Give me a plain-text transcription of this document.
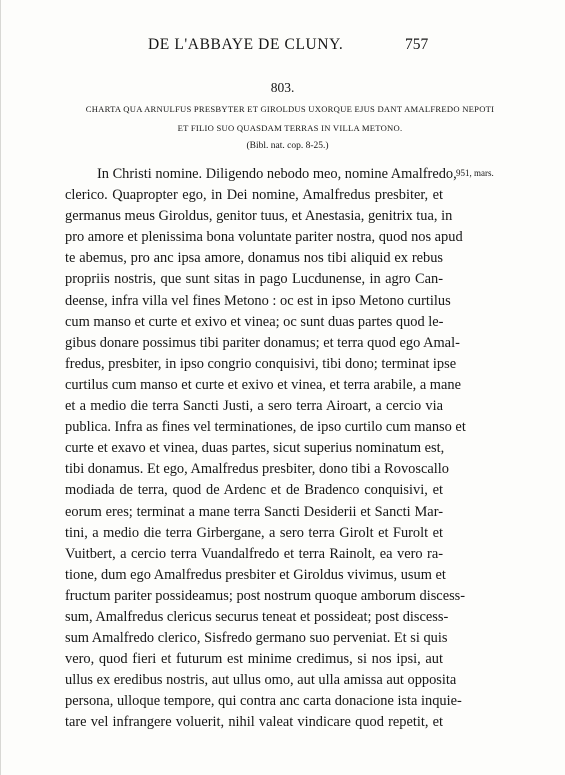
DE L'ABBAYE DE CLUNY.	757
803.
CHARTA QUA ARNULFUS PRESBYTER ET GIROLDUS UXORQUE EJUS DANT AMALFREDO NEPOTI
ET FILIO SUO QUASDAM TERRAS IN VILLA METONO.
(Bibl. nat. cop. 8-25.)
951, mars.
In Christi nomine. Diligendo nebodo meo, nomine Amalfredo,
clerico. Quapropter ego, in Dei nomine, Amalfredus presbiter, et
germanus meus Giroldus, genitor tuus, et Anestasia, genitrix tua, in
pro amore et plenissima bona voluntate pariter nostra, quod nos apud
te abemus, pro anc ipsa amore, donamus nos tibi aliquid ex rebus
propriis nostris, que sunt sitas in pago Lucdunense, in agro Can-
deense, infra villa vel fines Metono : oc est in ipso Metono curtilus
cum manso et curte et exivo et vinea; oc sunt duas partes quod le-
gibus donare possimus tibi pariter donamus; et terra quod ego Amal-
fredus, presbiter, in ipso congrio conquisivi, tibi dono; terminat ipse
curtilus cum manso et curte et exivo et vinea, et terra arabile, a mane
et a medio die terra Sancti Justi, a sero terra Airoart, a cercio via
publica. Infra as fines vel terminationes, de ipso curtilo cum manso et
curte et exavo et vinea, duas partes, sicut superius nominatum est,
tibi donamus. Et ego, Amalfredus presbiter, dono tibi a Rovoscallo
modiada de terra, quod de Ardenc et de Bradenco conquisivi, et
eorum eres; terminat a mane terra Sancti Desiderii et Sancti Mar-
tini, a medio die terra Girbergane, a sero terra Girolt et Furolt et
Vuitbert, a cercio terra Vuandalfredo et terra Rainolt, ea vero ra-
tione, dum ego Amalfredus presbiter et Giroldus vivimus, usum et
fructum pariter possideamus; post nostrum quoque amborum discess-
sum, Amalfredus clericus securus teneat et possideat; post discess-
sum Amalfredo clerico, Sisfredo germano suo perveniat. Et si quis
vero, quod fieri et futurum est minime credimus, si nos ipsi, aut
ullus ex eredibus nostris, aut ullus omo, aut ulla amissa aut opposita
persona, ulloque tempore, qui contra anc carta donacione ista inquie-
tare vel infrangere voluerit, nihil valeat vindicare quod repetit, et
